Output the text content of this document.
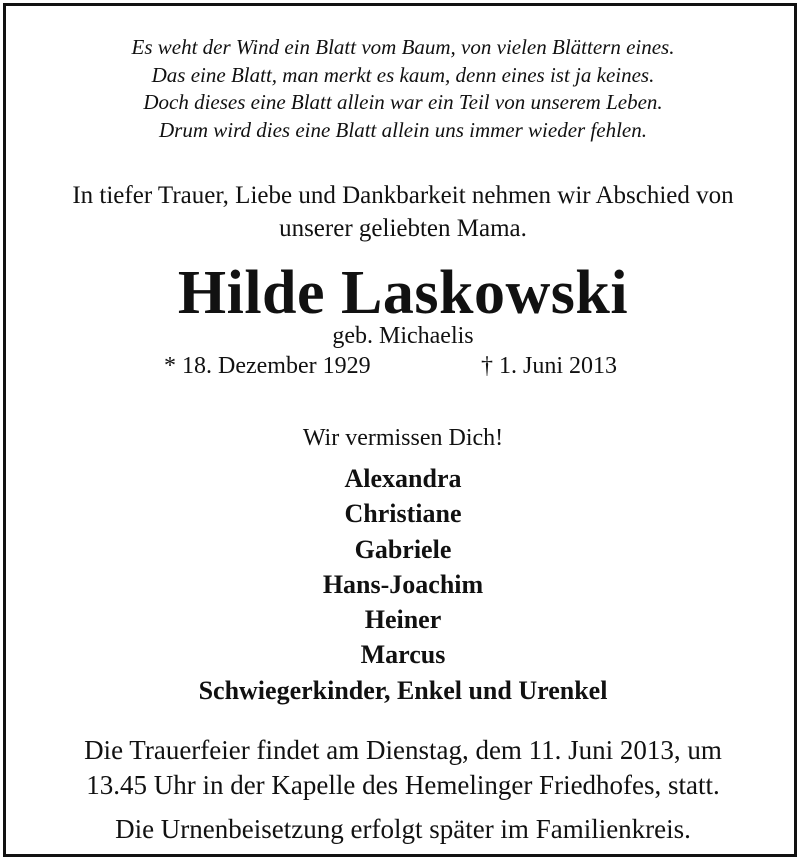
Es weht der Wind ein Blatt vom Baum, von vielen Blättern eines.
Das eine Blatt, man merkt es kaum, denn eines ist ja keines.
Doch dieses eine Blatt allein war ein Teil von unserem Leben.
Drum wird dies eine Blatt allein uns immer wieder fehlen.
In tiefer Trauer, Liebe und Dankbarkeit nehmen wir Abschied von
unserer geliebten Mama.
Hilde Laskowski
geb. Michaelis
* 18. Dezember 1929	† 1. Juni 2013
Wir vermissen Dich!
Alexandra
Christiane
Gabriele
Hans-Joachim
Heiner
Marcus
Schwiegerkinder, Enkel und Urenkel
Die Trauerfeier findet am Dienstag, dem 11. Juni 2013, um
13.45 Uhr in der Kapelle des Hemelinger Friedhofes, statt.
Die Urnenbeisetzung erfolgt später im Familienkreis.
